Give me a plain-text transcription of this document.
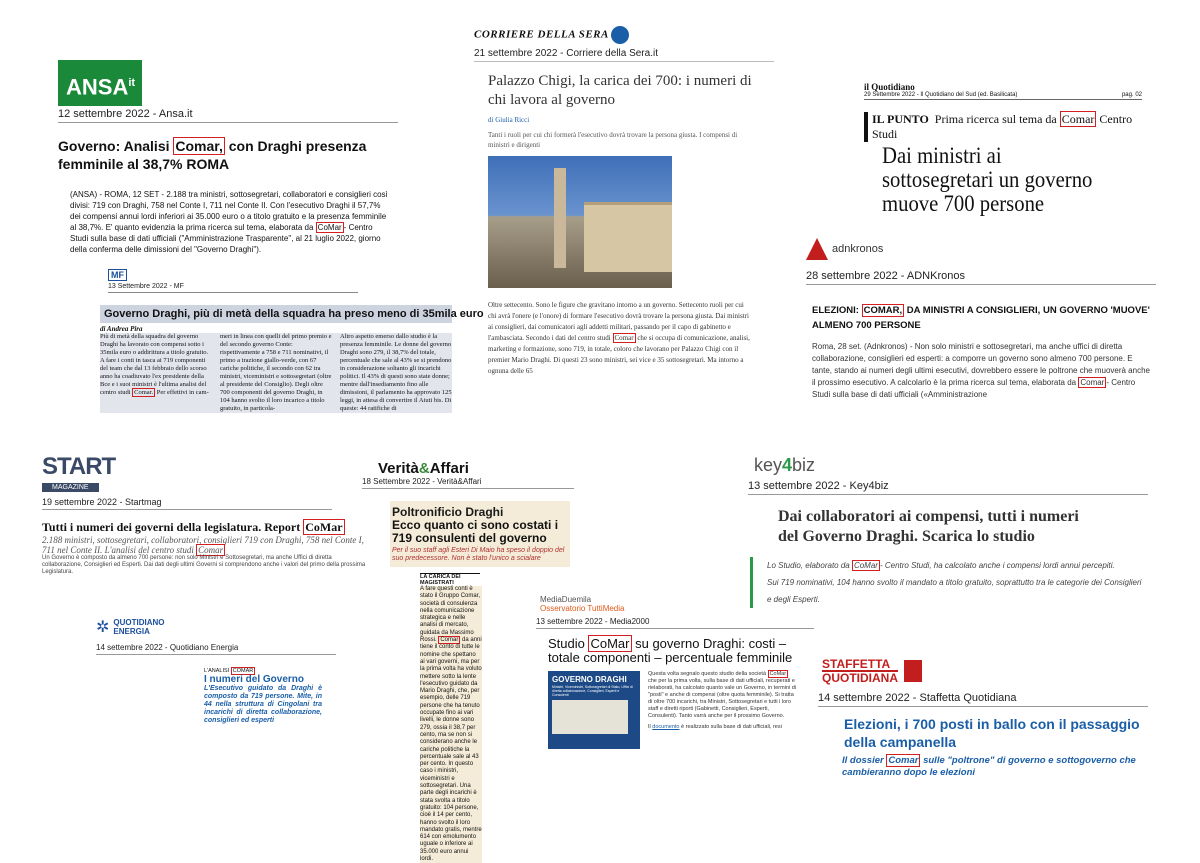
$ANSA^{it}$
12 settembre 2022 - Ansa.it
Governo: Analisi Comar, con Draghi presenza femminile al 38,7% ROMA
(ANSA) - ROMA, 12 SET - 2.188 tra ministri, sottosegretari, collaboratori e consiglieri così divisi: 719 con Draghi, 758 nel Conte I, 711 nel Conte II. Con l'esecutivo Draghi il 57,7% dei compensi annui lordi inferiori ai 35.000 euro o a titolo gratuito e la presenza femminile al 38,7%. E' quanto evidenzia la prima ricerca sul tema, elaborata da CoMar - Centro Studi sulla base di dati ufficiali ("Amministrazione Trasparente", al 21 luglio 2022, giorno della conferma delle dimissioni del "Governo Draghi").
CORRIERE DELLA SERA
21 settembre 2022 - Corriere della Sera.it
Palazzo Chigi, la carica dei 700: i numeri di chi lavora al governo
di Giulia Ricci
Tanti i ruoli per cui chi formerà l'esecutivo dovrà trovare la persona giusta. I compensi di ministri e dirigenti
Oltre settecento. Sono le figure che gravitano intorno a un governo. Settecento ruoli per cui chi avrà l'onere (e l'onore) di formare l'esecutivo dovrà trovare la persona giusta. Dai ministri ai consiglieri, dai comunicatori agli addetti militari, passando per il capo di gabinetto e l'ambasciata. Secondo i dati del centro studi Comar che si occupa di comunicazione, analisi, marketing e formazione, sono 719, in totale, coloro che lavorano per Palazzo Chigi con il premier Mario Draghi. Di questi 23 sono ministri, sei vice e 35 sottosegretari. Ma intorno a ognuna delle 65
il Quotidiano
29 Settembre 2022 - Il Quotidiano del Sud (ed. Basilicata)	pag. 02
IL PUNTO Prima ricerca sul tema da Comar Centro Studi
Dai ministri ai sottosegretari un governo muove 700 persone
adnkronos
28 settembre 2022 - ADNKronos
ELEZIONI: COMAR, DA MINISTRI A CONSIGLIERI, UN GOVERNO 'MUOVE' ALMENO 700 PERSONE
Roma, 28 set. (Adnkronos) - Non solo ministri e sottosegretari, ma anche uffici di diretta collaborazione, consiglieri ed esperti: a comporre un governo sono almeno 700 persone. E tante, stando ai numeri degli ultimi esecutivi, dovrebbero essere le poltrone che muoverà anche il prossimo esecutivo. A calcolarlo è la prima ricerca sul tema, elaborata da Comar - Centro Studi sulla base di dati ufficiali («Amministrazione
MF
13 Settembre 2022 - MF
Governo Draghi, più di metà della squadra ha preso meno di 35mila euro
di Andrea Pira
Più di metà della squadra del governo Draghi ha lavorato con compensi sotto i 35mila euro o addirittura a titolo gratuito. A fare i conti in tasca ai 719 componenti del team che dal 13 febbraio dello scorso anno ha coadiuvato l'ex presidente della Bce e i suoi ministri è l'ultima analisi del centro studi Comar. Per effettivi in cam-
meri in linea con quelli del primo premio e del secondo governo Conte: rispettivamente a 758 e 711 nominativi, il primo a trazione giallo-verde, con 67 cariche politiche, il secondo con 62 tra ministri, viceministri e sottosegretari (oltre al presidente del Consiglio). Degli oltre 700 componenti del governo Draghi, in 104 hanno svolto il loro incarico a titolo gratuito, in particola-
Altro aspetto emerso dallo studio è la presenza femminile. Le donne del governo Draghi sono 279, il 38,7% del totale, percentuale che sale al 43% se si prendono in considerazione soltanto gli incarichi politici. Il 43% di questi sono state donne; mentre dall'insediamento fino alle dimissioni, il parlamento ha approvato 125 leggi, in attesa di convertire il Aiuti bis. Di queste: 44 ratifiche di
START
MAGAZINE
19 settembre 2022 - Startmag
Tutti i numeri dei governi della legislatura. Report CoMar
2.188 ministri, sottosegretari, collaboratori, consiglieri 719 con Draghi, 758 nel Conte I, 711 nel Conte II. L'analisi del centro studi Comar
Un Governo è composto da almeno 700 persone: non solo Ministri e Sottosegretari, ma anche Uffici di diretta collaborazione, Consiglieri ed Esperti. Dai dati degli ultimi Governi si comprendono anche i valori del primo della prossima Legislatura.
Verità&Affari
18 Settembre 2022 - Verità&Affari
Poltronificio Draghi
Ecco quanto ci sono costati i 719 consulenti del governo
Per il suo staff agli Esteri Di Maio ha speso il doppio del suo predecessore. Non è stato l'unico a scialare
LA CARICA DEI MAGISTRATI
A fare questi conti è stato il Gruppo Comar, società di consulenza nella comunicazione strategica e nelle analisi di mercato, guidata da Massimo Rossi. Comar da anni tiene il conto di tutte le nomine che spettano ai vari governi, ma per la prima volta ha voluto mettere sotto la lente l'esecutivo guidato da Mario Draghi, che, per esempio, delle 719 persone che ha tenuto occupate fino ai vari livelli, le donne sono 279, ossia il 38,7 per cento, ma se non si considerano anche le cariche politiche la percentuale sale al 43 per cento. In questo caso i ministri, viceministri e sottosegretari. Una parte degli incarichi è stata svolta a titolo gratuito: 104 persone, cioè il 14 per cento, hanno svolto il loro mandato gratis, mentre 614 con emolumento uguale o inferiore ai 35.000 euro annui lordi.
key4biz
13 settembre 2022 - Key4biz
Dai collaboratori ai compensi, tutti i numeri del Governo Draghi. Scarica lo studio
Lo Studio, elaborato da CoMar - Centro Studi, ha calcolato anche i compensi lordi annui percepiti.
Sui 719 nominativi, 104 hanno svolto il mandato a titolo gratuito, soprattutto tra le categorie dei Consiglieri e degli Esperti.
✲ QUOTIDIANO
ENERGIA
14 settembre 2022 - Quotidiano Energia
L'ANALISI COMAR
I numeri del Governo
L'Esecutivo guidato da Draghi è composto da 719 persone. Mite, in 44 nella struttura di Cingolani tra incarichi di diretta collaborazione, consiglieri ed esperti
MediaDuemila
Osservatorio TuttiMedia
13 settembre 2022 - Media2000
Studio CoMar su governo Draghi: costi – totale componenti – percentuale femminile
GOVERNO DRAGHI
Ministri, Viceministri, Sottosegretari di Stato, Uffici di diretta collaborazione, Consiglieri, Esperti e Consulenti
Questa volta segnalo questo studio della società CoMar che per la prima volta, sulla base di dati ufficiali, recuperati e rielaborati, ha calcolato quanto vale un Governo, in termini di "posti" e anche di compensi (oltre quota femminile). Si tratta di oltre 700 incarichi, tra Ministri, Sottosegretari e tutti i loro staff e diretti riporti (Gabinetti, Consiglieri, Esperti, Consulenti). Tanto varrà anche per il prossimo Governo.
Il documento è realizzato sulla base di dati ufficiali, resi
STAFFETTA
QUOTIDIANA
14 settembre 2022 - Staffetta Quotidiana
Elezioni, i 700 posti in ballo con il passaggio della campanella
Il dossier Comar sulle "poltrone" di governo e sottogoverno che cambieranno dopo le elezioni
